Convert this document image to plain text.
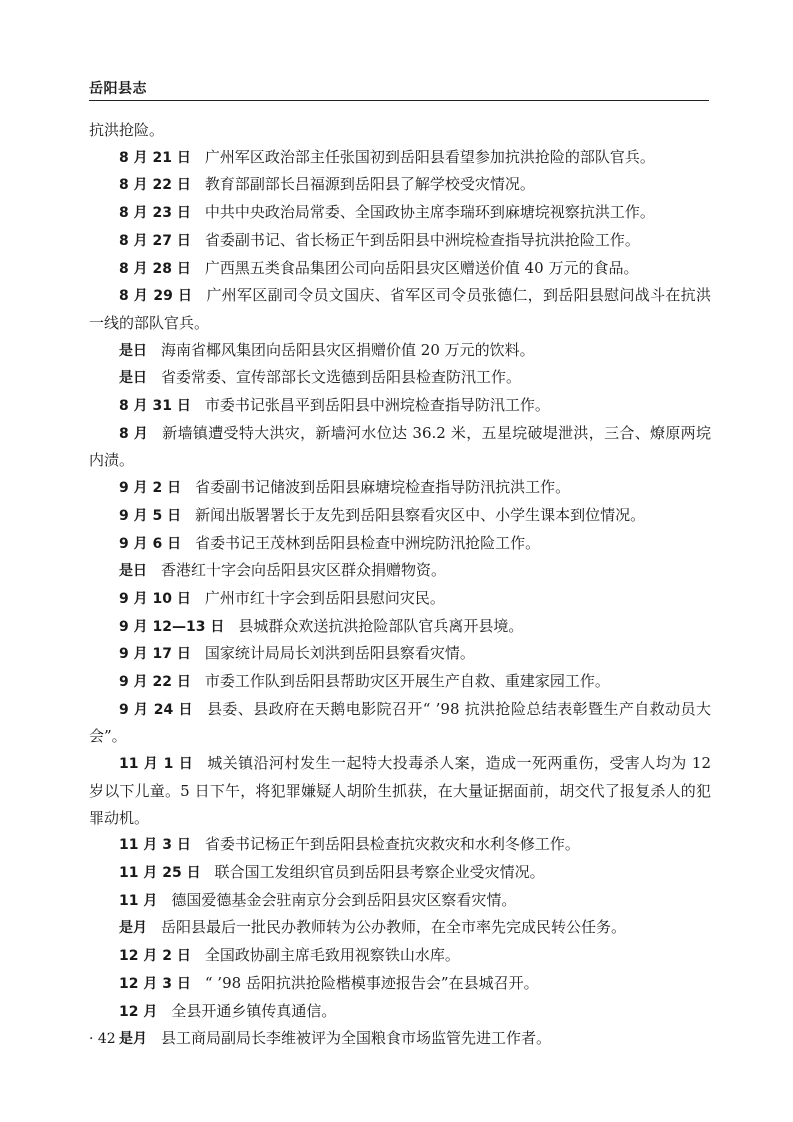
岳阳县志

抗洪抢险。

8 月 21 日 广州军区政治部主任张国初到岳阳县看望参加抗洪抢险的部队官兵。

8 月 22 日 教育部副部长吕福源到岳阳县了解学校受灾情况。

8 月 23 日 中共中央政治局常委、全国政协主席李瑞环到麻塘垸视察抗洪工作。

8 月 27 日 省委副书记、省长杨正午到岳阳县中洲垸检查指导抗洪抢险工作。

8 月 28 日 广西黑五类食品集团公司向岳阳县灾区赠送价值 40 万元的食品。

8 月 29 日 广州军区副司令员文国庆、省军区司令员张德仁，到岳阳县慰问战斗在抗洪一线的部队官兵。

是日 海南省椰风集团向岳阳县灾区捐赠价值 20 万元的饮料。

是日 省委常委、宣传部部长文选德到岳阳县检查防汛工作。

8 月 31 日 市委书记张昌平到岳阳县中洲垸检查指导防汛工作。

8 月 新墙镇遭受特大洪灾，新墙河水位达 36.2 米，五星垸破堤泄洪，三合、燎原两垸内渍。

9 月 2 日 省委副书记储波到岳阳县麻塘垸检查指导防汛抗洪工作。

9 月 5 日 新闻出版署署长于友先到岳阳县察看灾区中、小学生课本到位情况。

9 月 6 日 省委书记王茂林到岳阳县检查中洲垸防汛抢险工作。

是日 香港红十字会向岳阳县灾区群众捐赠物资。

9 月 10 日 广州市红十字会到岳阳县慰问灾民。

9 月 12—13 日 县城群众欢送抗洪抢险部队官兵离开县境。

9 月 17 日 国家统计局局长刘洪到岳阳县察看灾情。

9 月 22 日 市委工作队到岳阳县帮助灾区开展生产自救、重建家园工作。

9 月 24 日 县委、县政府在天鹅电影院召开“ ’98 抗洪抢险总结表彰暨生产自救动员大会”。

11 月 1 日 城关镇沿河村发生一起特大投毒杀人案，造成一死两重伤，受害人均为 12 岁以下儿童。5 日下午，将犯罪嫌疑人胡阶生抓获，在大量证据面前，胡交代了报复杀人的犯罪动机。

11 月 3 日 省委书记杨正午到岳阳县检查抗灾救灾和水利冬修工作。

11 月 25 日 联合国工发组织官员到岳阳县考察企业受灾情况。

11 月 德国爱德基金会驻南京分会到岳阳县灾区察看灾情。

是月 岳阳县最后一批民办教师转为公办教师，在全市率先完成民转公任务。

12 月 2 日 全国政协副主席毛致用视察铁山水库。

12 月 3 日 “ ’98 岳阳抗洪抢险楷模事迹报告会”在县城召开。

12 月 全县开通乡镇传真通信。

是月 县工商局副局长李维被评为全国粮食市场监管先进工作者。

· 42 ·
